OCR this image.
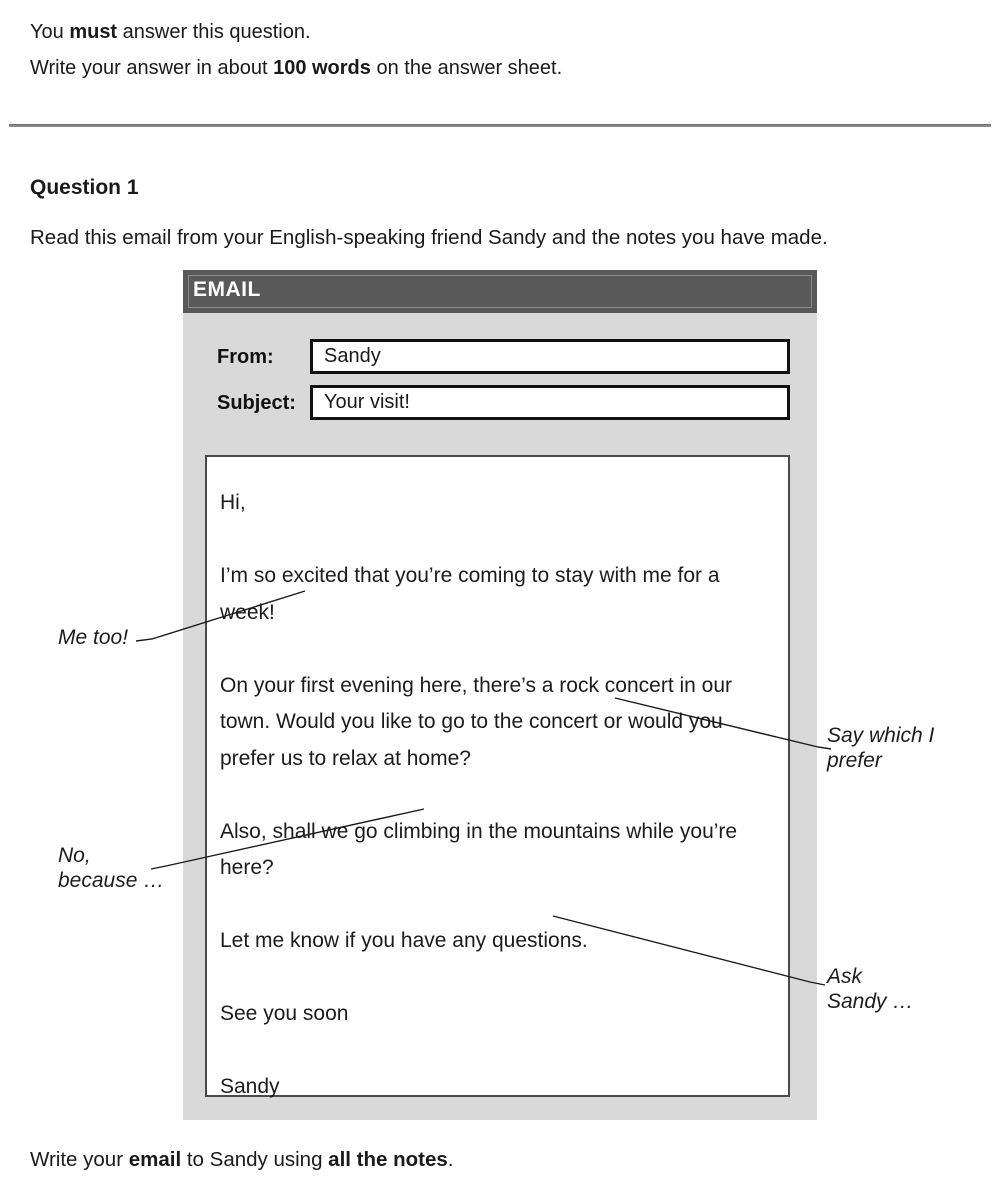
You must answer this question.
Write your answer in about 100 words on the answer sheet.
Question 1
Read this email from your English-speaking friend Sandy and the notes you have made.
EMAIL
From:	Sandy
Subject:	Your visit!

Hi,

I’m so excited that you’re coming to stay with me for a week!

On your first evening here, there’s a rock concert in our
town. Would you like to go to the concert or would you
prefer us to relax at home?

Also, shall we go climbing in the mountains while you’re
here?

Let me know if you have any questions.

See you soon

Sandy

Me too!
Say which I
prefer
No,
because …
Ask
Sandy …
Write your email to Sandy using all the notes.
